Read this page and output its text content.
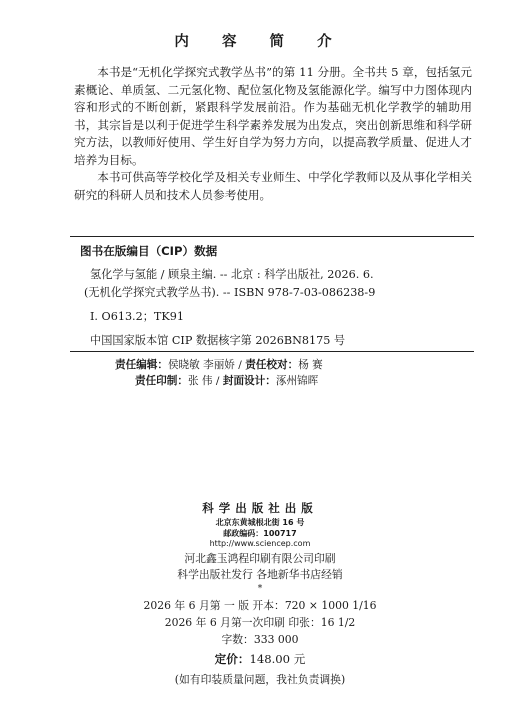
内 容 简 介

本书是“无机化学探究式教学丛书”的第 11 分册。全书共 5 章，包括氢元素概论、单质氢、二元氢化物、配位氢化物及氢能源化学。编写中力图体现内容和形式的不断创新，紧跟科学发展前沿。作为基础无机化学教学的辅助用书，其宗旨是以利于促进学生科学素养发展为出发点，突出创新思维和科学研究方法，以教师好使用、学生好自学为努力方向，以提高教学质量、促进人才培养为目标。

本书可供高等学校化学及相关专业师生、中学化学教师以及从事化学相关研究的科研人员和技术人员参考使用。

图书在版编目（CIP）数据
氢化学与氢能 / 顾泉主编. -- 北京 : 科学出版社, 2026. 6.
(无机化学探究式教学丛书). -- ISBN 978-7-03-086238-9
Ⅰ. O613.2；TK91
中国国家版本馆 CIP 数据核字第 2026BN8175 号
责任编辑：侯晓敏 李丽娇 / 责任校对：杨 赛
责任印制：张 伟 / 封面设计：涿州锦晖
科学出版社出版
北京东黄城根北街 16 号
邮政编码：100717
http://www.sciencep.com
河北鑫玉鸿程印刷有限公司印刷
科学出版社发行 各地新华书店经销
*
2026 年 6 月第 一 版 开本：720 × 1000 1/16
2026 年 6 月第一次印刷 印张：16 1/2
字数：333 000
定价：148.00 元
(如有印装质量问题，我社负责调换)
